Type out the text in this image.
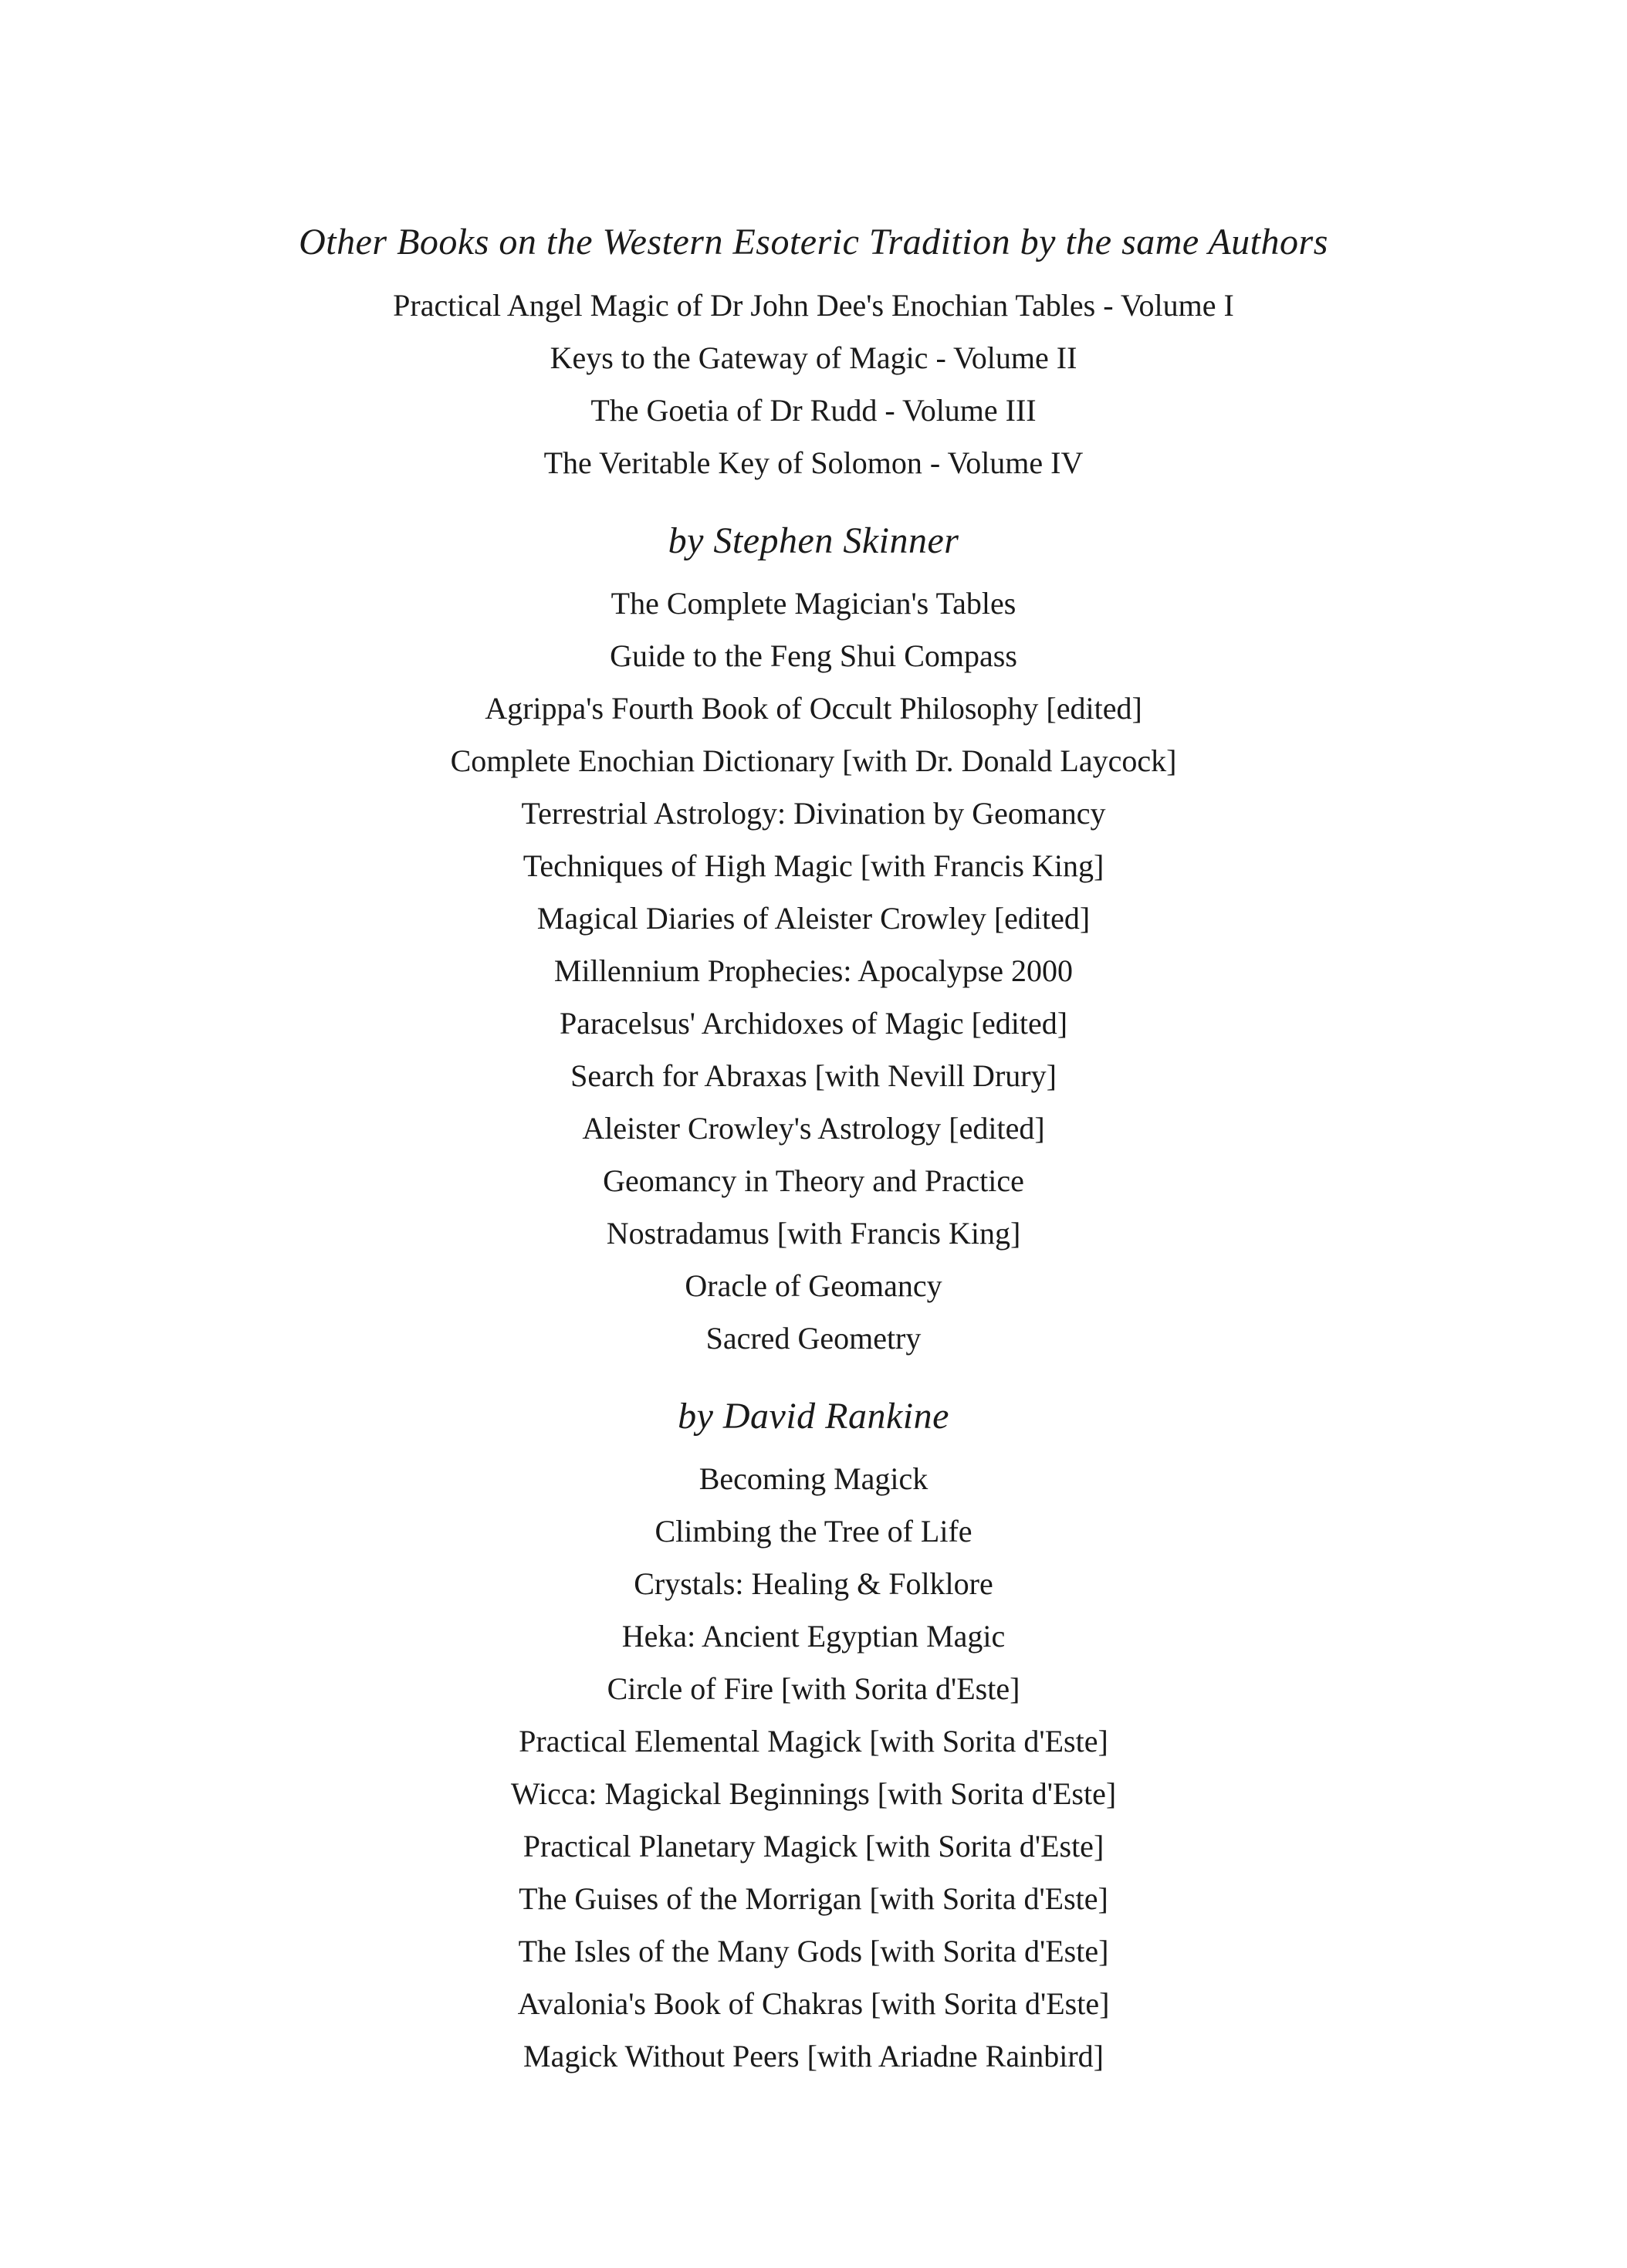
Other Books on the Western Esoteric Tradition by the same Authors
Practical Angel Magic of Dr John Dee's Enochian Tables - Volume I
Keys to the Gateway of Magic - Volume II
The Goetia of Dr Rudd - Volume III
The Veritable Key of Solomon - Volume IV
by Stephen Skinner
The Complete Magician's Tables
Guide to the Feng Shui Compass
Agrippa's Fourth Book of Occult Philosophy [edited]
Complete Enochian Dictionary [with Dr. Donald Laycock]
Terrestrial Astrology: Divination by Geomancy
Techniques of High Magic [with Francis King]
Magical Diaries of Aleister Crowley [edited]
Millennium Prophecies: Apocalypse 2000
Paracelsus' Archidoxes of Magic [edited]
Search for Abraxas [with Nevill Drury]
Aleister Crowley's Astrology [edited]
Geomancy in Theory and Practice
Nostradamus [with Francis King]
Oracle of Geomancy
Sacred Geometry
by David Rankine
Becoming Magick
Climbing the Tree of Life
Crystals: Healing & Folklore
Heka: Ancient Egyptian Magic
Circle of Fire [with Sorita d'Este]
Practical Elemental Magick [with Sorita d'Este]
Wicca: Magickal Beginnings [with Sorita d'Este]
Practical Planetary Magick [with Sorita d'Este]
The Guises of the Morrigan [with Sorita d'Este]
The Isles of the Many Gods [with Sorita d'Este]
Avalonia's Book of Chakras [with Sorita d'Este]
Magick Without Peers [with Ariadne Rainbird]
